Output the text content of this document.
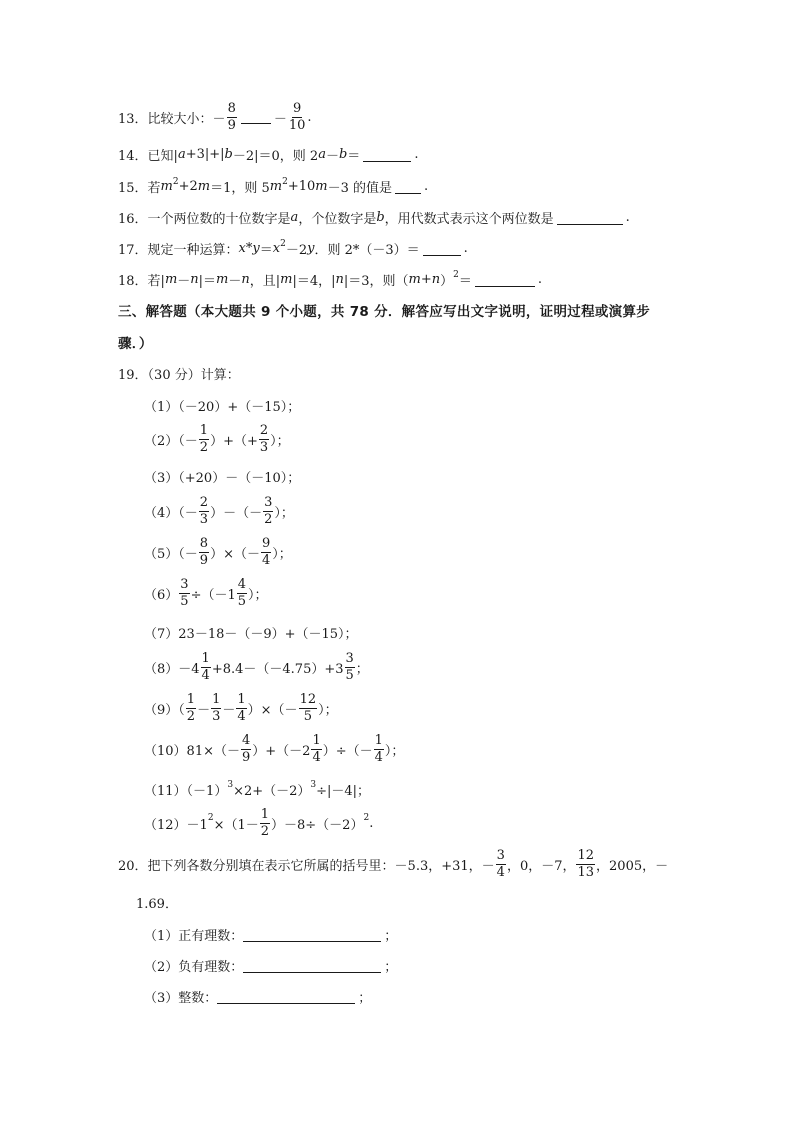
13．比较大小： － $\frac{8}{9}$	－ $\frac{9}{10}$ .
14．已知| a +3|+| b －2|＝0，则 2 a － b ＝	.
15．若 m 2 +2 m ＝1，则 5 m 2 +10 m －3 的值是 .
16．一个两位数的十位数字是 a ，个位数字是 b ，用代数式表示这个两位数是	.
17．规定一种运算： x * y ＝ x 2 －2 y ．则 2*（－3）＝	.
18．若| m － n |＝ m － n ，且| m |＝4，| n |＝3，则（ m + n ） 2 ＝	.
三、解答题（本大题共 9 个小题，共 78 分．解答应写出文字说明，证明过程或演算步
骤．）
19．（30 分）计算：
（1）（－20）+（－15）；
$(2)(- \frac{1}{2}$ ）+（+ $\frac{2}{3}$ ）；
（3）（+20）－（－10）；
$(4)(- \frac{2}{3}$ ）－（－ $\frac{3}{2}$ ）；
$(5)(- \frac{8}{9}$ ）×（－ $\frac{9}{4}$ ）；
$(6) \frac{3}{5} \div(-1 \frac{4}{5}$ ）；
（7）23－18－（－9）+（－15）；
$(8)-4 \frac{1}{4} +8.4-(-4.75)+3 \frac{3}{5}$ ；
$(9)( \frac{1}{2} - \frac{1}{3} - \frac{1}{4}$ ）×（－ $\frac{12}{5}$ ）；
$(10)81\times(- \frac{4}{9} )+(-2 \frac{1}{4}$ ）÷（－ $\frac{1}{4}$ ）；
（11）（－1） 3 ×2+（－2） 3 ÷|－4|；
（12）－1 $2 \times(1- \frac{1}{2} )-8\div(-2)$ 2 .
20．把下列各数分别填在表示它所属的括号里：－5.3，+31，－ $\frac{3}{4}$ ，0，－7， $\frac{12}{13}$ ，2005，－
1.69．
（1）正有理数：	；
（2）负有理数：	；
（3）整数：	；
